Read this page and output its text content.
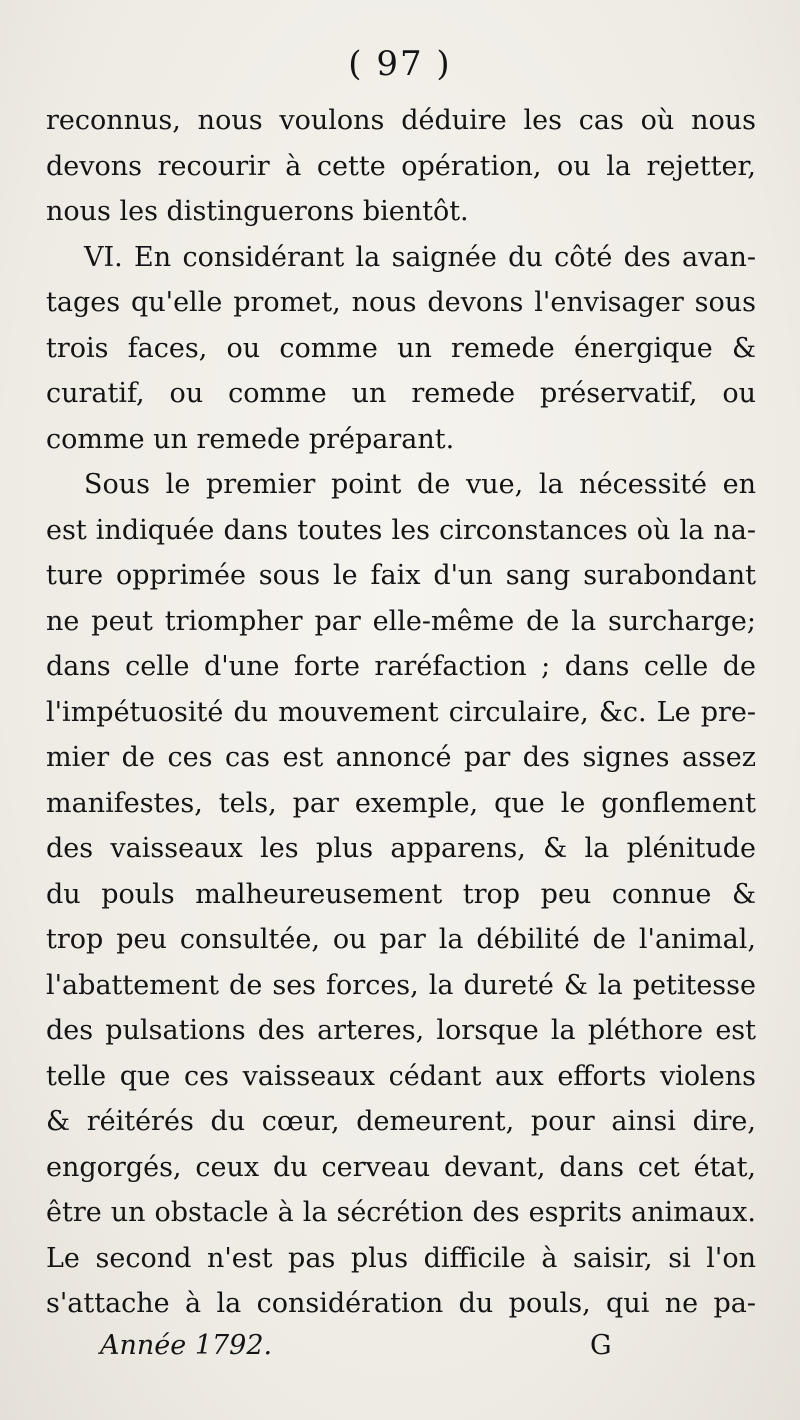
( 97 )
reconnus, nous voulons déduire les cas où nous
devons recourir à cette opération, ou la rejetter,
nous les distinguerons bientôt.
VI. En considérant la saignée du côté des avan-
tages qu'elle promet, nous devons l'envisager sous
trois faces, ou comme un remede énergique &
curatif, ou comme un remede préservatif, ou
comme un remede préparant.
Sous le premier point de vue, la nécessité en
est indiquée dans toutes les circonstances où la na-
ture opprimée sous le faix d'un sang surabondant
ne peut triompher par elle-même de la surcharge;
dans celle d'une forte raréfaction ; dans celle de
l'impétuosité du mouvement circulaire, &c. Le pre-
mier de ces cas est annoncé par des signes assez
manifestes, tels, par exemple, que le gonflement
des vaisseaux les plus apparens, & la plénitude
du pouls malheureusement trop peu connue &
trop peu consultée, ou par la débilité de l'animal,
l'abattement de ses forces, la dureté & la petitesse
des pulsations des arteres, lorsque la pléthore est
telle que ces vaisseaux cédant aux efforts violens
& réitérés du cœur, demeurent, pour ainsi dire,
engorgés, ceux du cerveau devant, dans cet état,
être un obstacle à la sécrétion des esprits animaux.
Le second n'est pas plus difficile à saisir, si l'on
s'attache à la considération du pouls, qui ne pa-
Année 1792.	G
